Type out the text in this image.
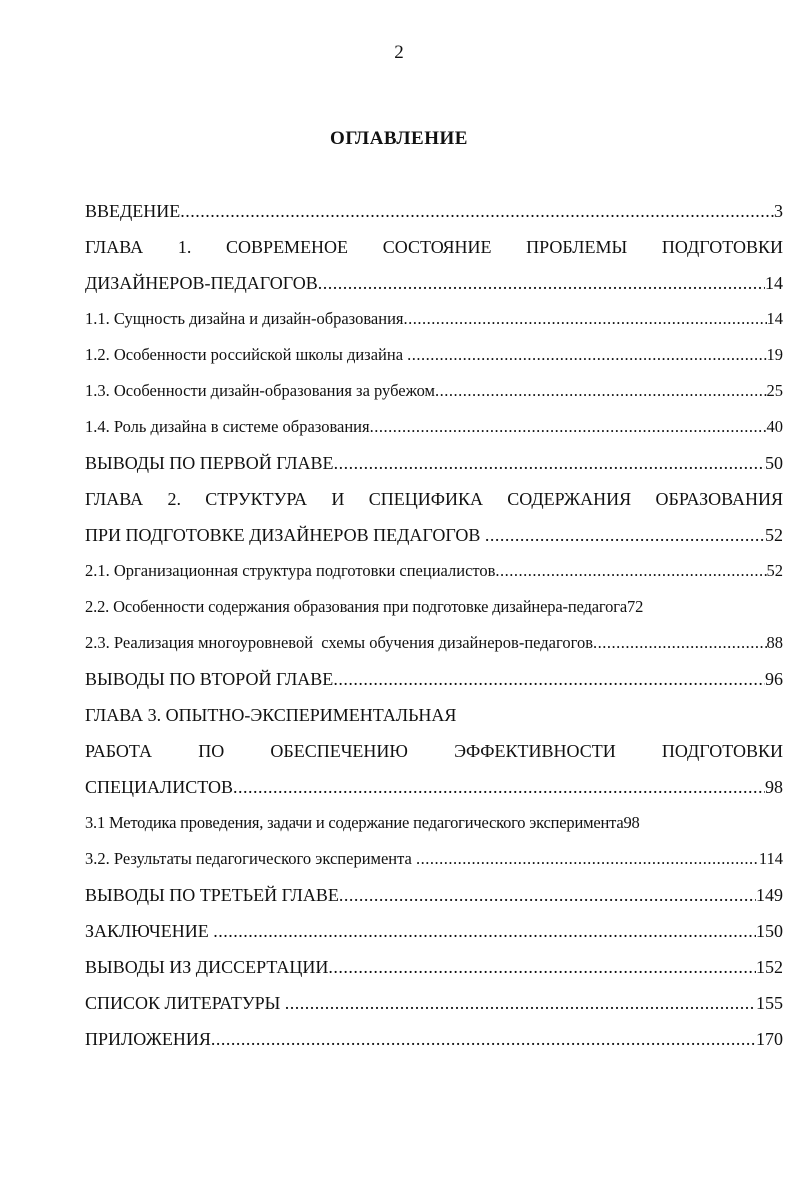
2
ОГЛАВЛЕНИЕ
ВВЕДЕНИЕ .....	3
ГЛАВА 1. СОВРЕМЕНОЕ СОСТОЯНИЕ ПРОБЛЕМЫ ПОДГОТОВКИ
ДИЗАЙНЕРОВ-ПЕДАГОГОВ .....	14
1.1. Сущность дизайна и дизайн-образования .....	14
1.2. Особенности российской школы дизайна .....	19
1.3. Особенности дизайн-образования за рубежом .....	25
1.4. Роль дизайна в системе образования .....	40
ВЫВОДЫ ПО ПЕРВОЙ ГЛАВЕ .....	50
ГЛАВА 2. СТРУКТУРА И СПЕЦИФИКА СОДЕРЖАНИЯ ОБРАЗОВАНИЯ
ПРИ ПОДГОТОВКЕ ДИЗАЙНЕРОВ ПЕДАГОГОВ .....	52
2.1. Организационная структура подготовки специалистов .....	52
2.2. Особенности содержания образования при подготовке дизайнера-педагога72
2.3. Реализация многоуровневой  схемы обучения дизайнеров-педагогов .....	88
ВЫВОДЫ ПО ВТОРОЙ ГЛАВЕ .....	96
ГЛАВА 3. ОПЫТНО-ЭКСПЕРИМЕНТАЛЬНАЯ
РАБОТА ПО ОБЕСПЕЧЕНИЮ ЭФФЕКТИВНОСТИ ПОДГОТОВКИ
СПЕЦИАЛИСТОВ .....	98
3.1 Методика проведения, задачи и содержание педагогического эксперимента98
3.2. Результаты педагогического эксперимента .....	114
ВЫВОДЫ ПО ТРЕТЬЕЙ ГЛАВЕ .....	149
ЗАКЛЮЧЕНИЕ .....	150
ВЫВОДЫ ИЗ ДИССЕРТАЦИИ .....	152
СПИСОК ЛИТЕРАТУРЫ .....	155
ПРИЛОЖЕНИЯ .....	170
